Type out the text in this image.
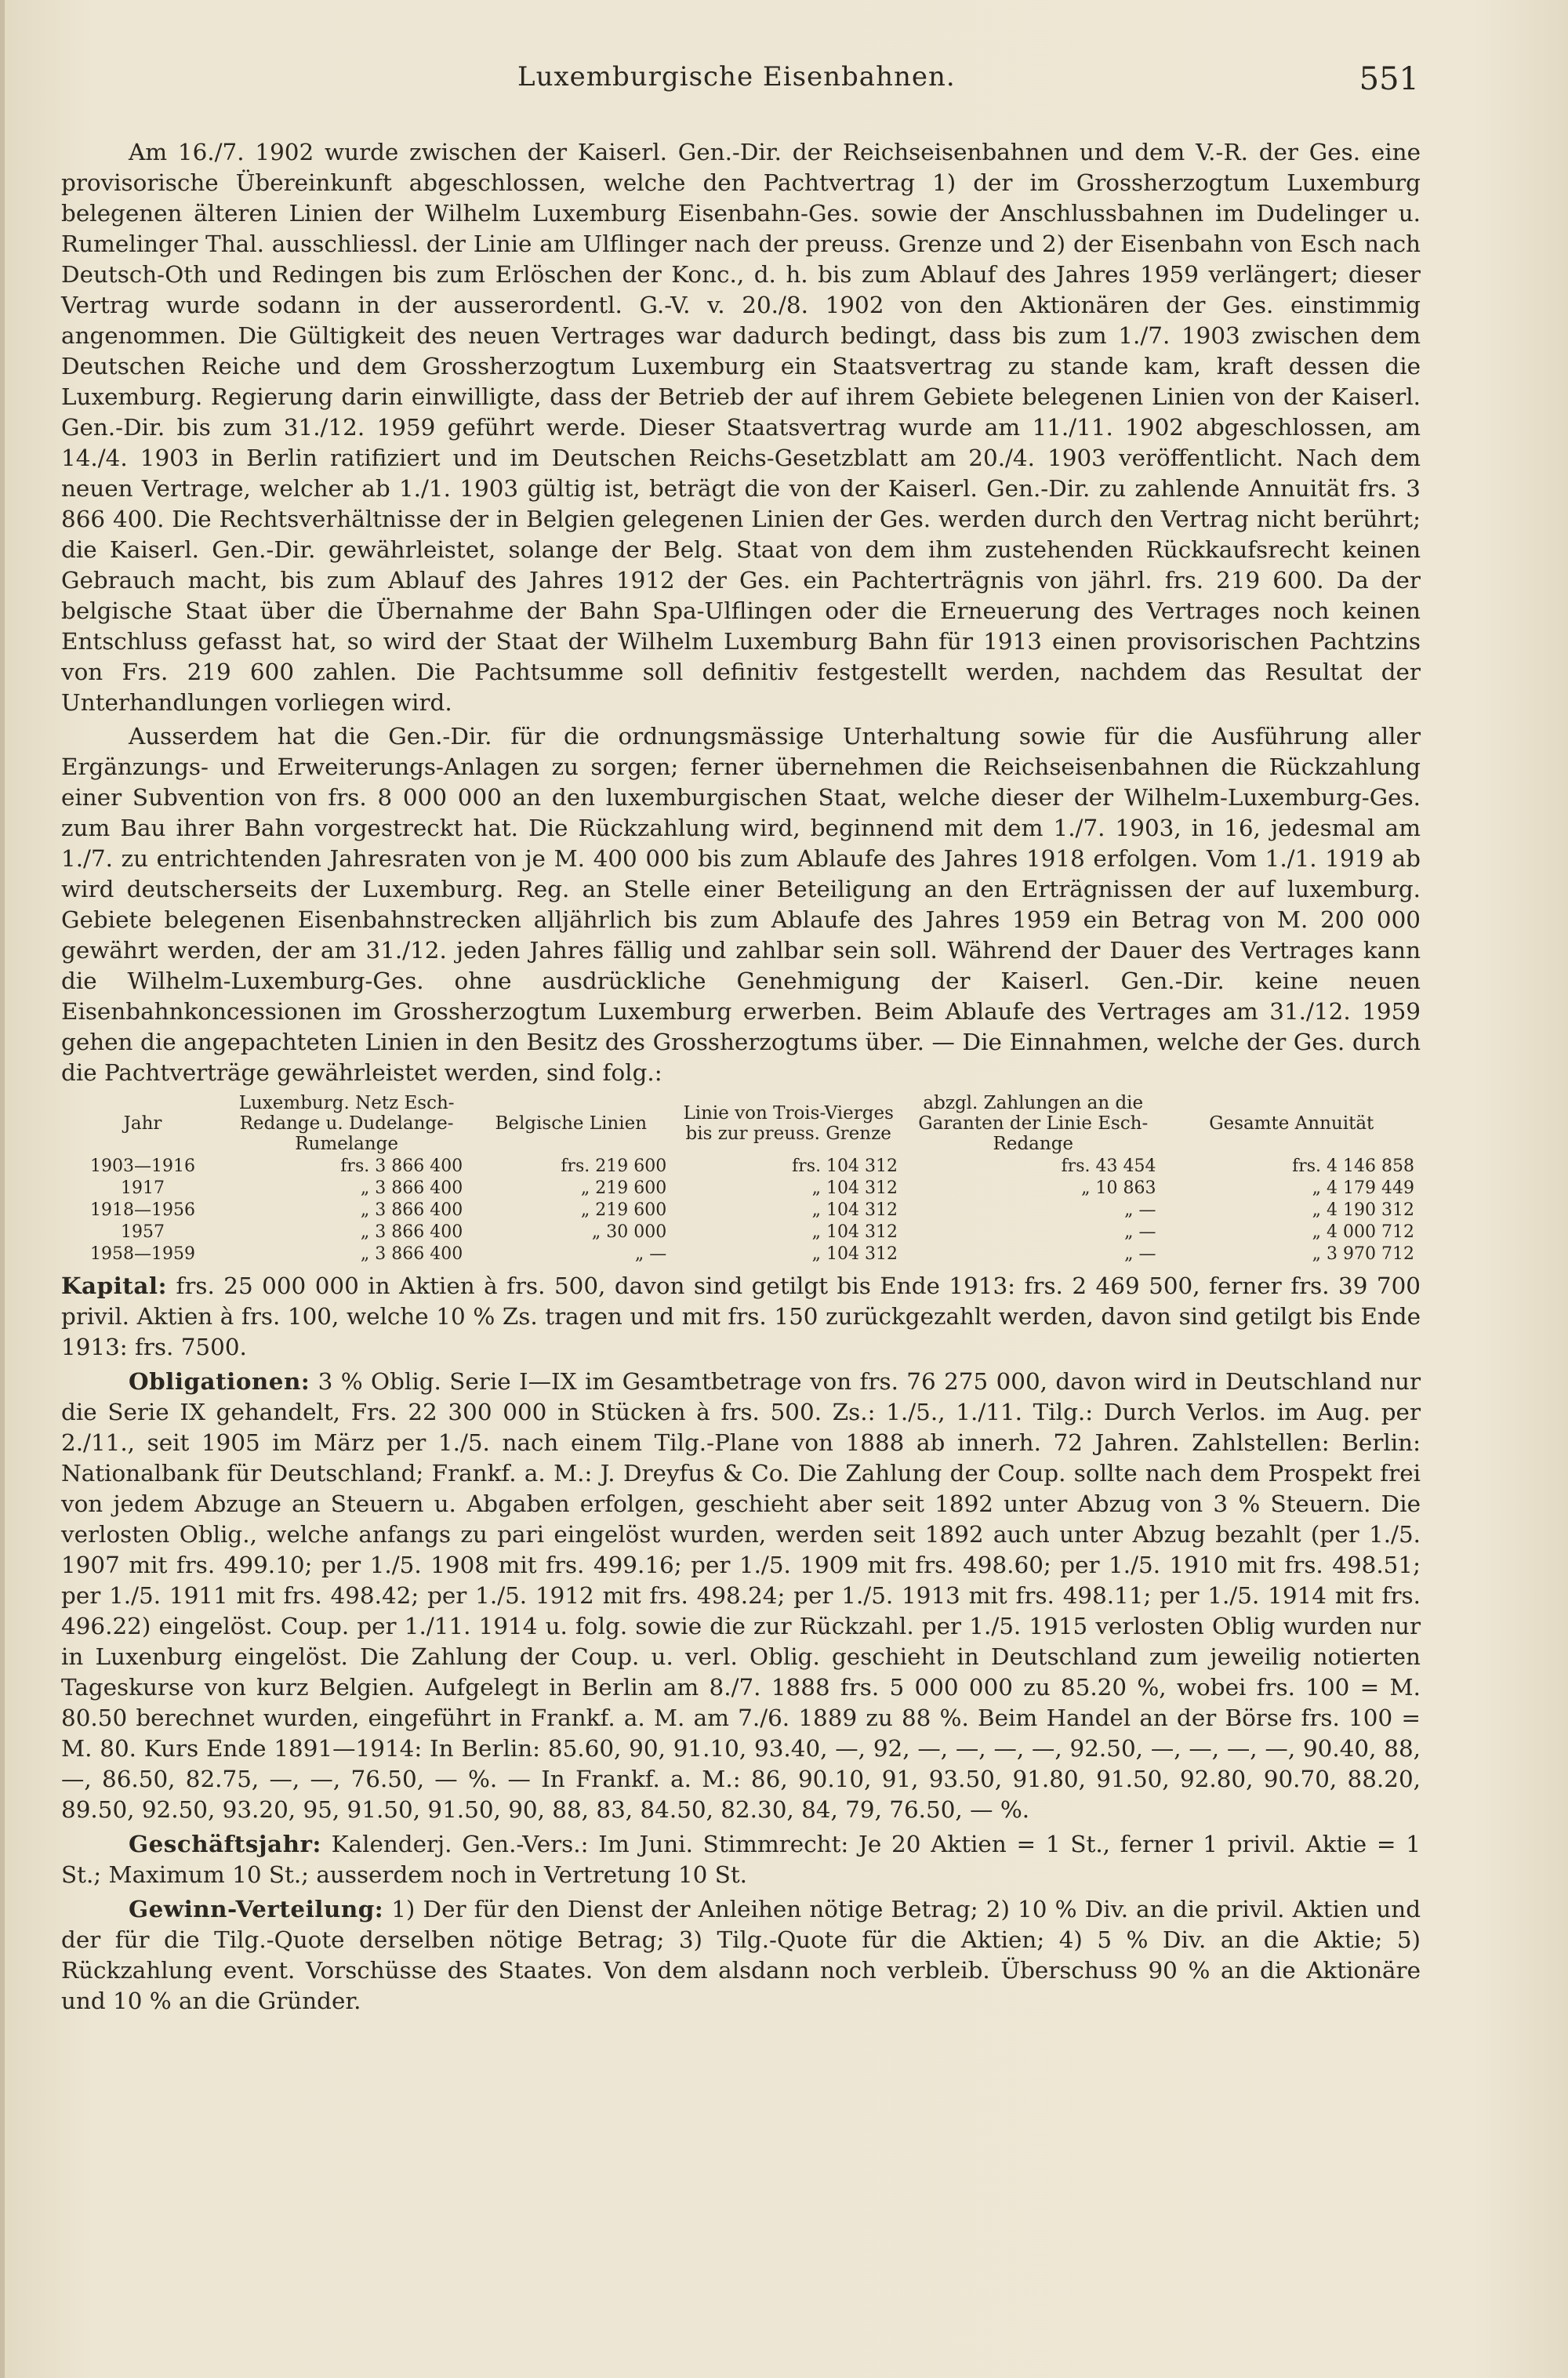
Luxemburgische Eisenbahnen.	551

Am 16./7. 1902 wurde zwischen der Kaiserl. Gen.-Dir. der Reichseisenbahnen und dem V.-R. der Ges. eine provisorische Übereinkunft abgeschlossen, welche den Pachtvertrag 1) der im Grossherzogtum Luxemburg belegenen älteren Linien der Wilhelm Luxemburg Eisenbahn-Ges. sowie der Anschlussbahnen im Dudelinger u. Rumelinger Thal. ausschliessl. der Linie am Ulflinger nach der preuss. Grenze und 2) der Eisenbahn von Esch nach Deutsch-Oth und Redingen bis zum Erlöschen der Konc., d. h. bis zum Ablauf des Jahres 1959 verlängert; dieser Vertrag wurde sodann in der ausserordentl. G.-V. v. 20./8. 1902 von den Aktionären der Ges. einstimmig angenommen. Die Gültigkeit des neuen Vertrages war dadurch bedingt, dass bis zum 1./7. 1903 zwischen dem Deutschen Reiche und dem Grossherzogtum Luxemburg ein Staatsvertrag zu stande kam, kraft dessen die Luxemburg. Regierung darin einwilligte, dass der Betrieb der auf ihrem Gebiete belegenen Linien von der Kaiserl. Gen.-Dir. bis zum 31./12. 1959 geführt werde. Dieser Staatsvertrag wurde am 11./11. 1902 abgeschlossen, am 14./4. 1903 in Berlin ratifiziert und im Deutschen Reichs-Gesetzblatt am 20./4. 1903 veröffentlicht. Nach dem neuen Vertrage, welcher ab 1./1. 1903 gültig ist, beträgt die von der Kaiserl. Gen.-Dir. zu zahlende Annuität frs. 3 866 400. Die Rechtsverhältnisse der in Belgien gelegenen Linien der Ges. werden durch den Vertrag nicht berührt; die Kaiserl. Gen.-Dir. gewährleistet, solange der Belg. Staat von dem ihm zustehenden Rückkaufsrecht keinen Gebrauch macht, bis zum Ablauf des Jahres 1912 der Ges. ein Pachterträgnis von jährl. frs. 219 600. Da der belgische Staat über die Übernahme der Bahn Spa-Ulflingen oder die Erneuerung des Vertrages noch keinen Entschluss gefasst hat, so wird der Staat der Wilhelm Luxemburg Bahn für 1913 einen provisorischen Pachtzins von Frs. 219 600 zahlen. Die Pachtsumme soll definitiv festgestellt werden, nachdem das Resultat der Unterhandlungen vorliegen wird.

Ausserdem hat die Gen.-Dir. für die ordnungsmässige Unterhaltung sowie für die Ausführung aller Ergänzungs- und Erweiterungs-Anlagen zu sorgen; ferner übernehmen die Reichseisenbahnen die Rückzahlung einer Subvention von frs. 8 000 000 an den luxemburgischen Staat, welche dieser der Wilhelm-Luxemburg-Ges. zum Bau ihrer Bahn vorgestreckt hat. Die Rückzahlung wird, beginnend mit dem 1./7. 1903, in 16, jedesmal am 1./7. zu entrichtenden Jahresraten von je M. 400 000 bis zum Ablaufe des Jahres 1918 erfolgen. Vom 1./1. 1919 ab wird deutscherseits der Luxemburg. Reg. an Stelle einer Beteiligung an den Erträgnissen der auf luxemburg. Gebiete belegenen Eisenbahnstrecken alljährlich bis zum Ablaufe des Jahres 1959 ein Betrag von M. 200 000 gewährt werden, der am 31./12. jeden Jahres fällig und zahlbar sein soll. Während der Dauer des Vertrages kann die Wilhelm-Luxemburg-Ges. ohne ausdrückliche Genehmigung der Kaiserl. Gen.-Dir. keine neuen Eisenbahnkoncessionen im Grossherzogtum Luxemburg erwerben. Beim Ablaufe des Vertrages am 31./12. 1959 gehen die angepachteten Linien in den Besitz des Grossherzogtums über. — Die Einnahmen, welche der Ges. durch die Pachtverträge gewährleistet werden, sind folg.:

Jahr	Luxemburg. Netz Esch-Redange u. Dudelange-Rumelange	Belgische Linien	Linie von Trois-Vierges bis zur preuss. Grenze	abzgl. Zahlungen an die Garanten der Linie Esch-Redange	Gesamte Annuität
1903—1916	frs. 3 866 400	frs. 219 600	frs. 104 312	frs. 43 454	frs. 4 146 858
1917	„ 3 866 400	„ 219 600	„ 104 312	„ 10 863	„ 4 179 449
1918—1956	„ 3 866 400	„ 219 600	„ 104 312	„ —	„ 4 190 312
1957	„ 3 866 400	„ 30 000	„ 104 312	„ —	„ 4 000 712
1958—1959	„ 3 866 400	„ —	„ 104 312	„ —	„ 3 970 712

Kapital: frs. 25 000 000 in Aktien à frs. 500, davon sind getilgt bis Ende 1913: frs. 2 469 500, ferner frs. 39 700 privil. Aktien à frs. 100, welche 10 % Zs. tragen und mit frs. 150 zurückgezahlt werden, davon sind getilgt bis Ende 1913: frs. 7500.

Obligationen: 3 % Oblig. Serie I—IX im Gesamtbetrage von frs. 76 275 000, davon wird in Deutschland nur die Serie IX gehandelt, Frs. 22 300 000 in Stücken à frs. 500. Zs.: 1./5., 1./11. Tilg.: Durch Verlos. im Aug. per 2./11., seit 1905 im März per 1./5. nach einem Tilg.-Plane von 1888 ab innerh. 72 Jahren. Zahlstellen: Berlin: Nationalbank für Deutschland; Frankf. a. M.: J. Dreyfus & Co. Die Zahlung der Coup. sollte nach dem Prospekt frei von jedem Abzuge an Steuern u. Abgaben erfolgen, geschieht aber seit 1892 unter Abzug von 3 % Steuern. Die verlosten Oblig., welche anfangs zu pari eingelöst wurden, werden seit 1892 auch unter Abzug bezahlt (per 1./5. 1907 mit frs. 499.10; per 1./5. 1908 mit frs. 499.16; per 1./5. 1909 mit frs. 498.60; per 1./5. 1910 mit frs. 498.51; per 1./5. 1911 mit frs. 498.42; per 1./5. 1912 mit frs. 498.24; per 1./5. 1913 mit frs. 498.11; per 1./5. 1914 mit frs. 496.22) eingelöst. Coup. per 1./11. 1914 u. folg. sowie die zur Rückzahl. per 1./5. 1915 verlosten Oblig wurden nur in Luxenburg eingelöst. Die Zahlung der Coup. u. verl. Oblig. geschieht in Deutschland zum jeweilig notierten Tageskurse von kurz Belgien. Aufgelegt in Berlin am 8./7. 1888 frs. 5 000 000 zu 85.20 %, wobei frs. 100 = M. 80.50 berechnet wurden, eingeführt in Frankf. a. M. am 7./6. 1889 zu 88 %. Beim Handel an der Börse frs. 100 = M. 80. Kurs Ende 1891—1914: In Berlin: 85.60, 90, 91.10, 93.40, —, 92, —, —, —, —, 92.50, —, —, —, —, 90.40, 88, —, 86.50, 82.75, —, —, 76.50, — %. — In Frankf. a. M.: 86, 90.10, 91, 93.50, 91.80, 91.50, 92.80, 90.70, 88.20, 89.50, 92.50, 93.20, 95, 91.50, 91.50, 90, 88, 83, 84.50, 82.30, 84, 79, 76.50, — %.

Geschäftsjahr: Kalenderj. Gen.-Vers.: Im Juni. Stimmrecht: Je 20 Aktien = 1 St., ferner 1 privil. Aktie = 1 St.; Maximum 10 St.; ausserdem noch in Vertretung 10 St.

Gewinn-Verteilung: 1) Der für den Dienst der Anleihen nötige Betrag; 2) 10 % Div. an die privil. Aktien und der für die Tilg.-Quote derselben nötige Betrag; 3) Tilg.-Quote für die Aktien; 4) 5 % Div. an die Aktie; 5) Rückzahlung event. Vorschüsse des Staates. Von dem alsdann noch verbleib. Überschuss 90 % an die Aktionäre und 10 % an die Gründer.
